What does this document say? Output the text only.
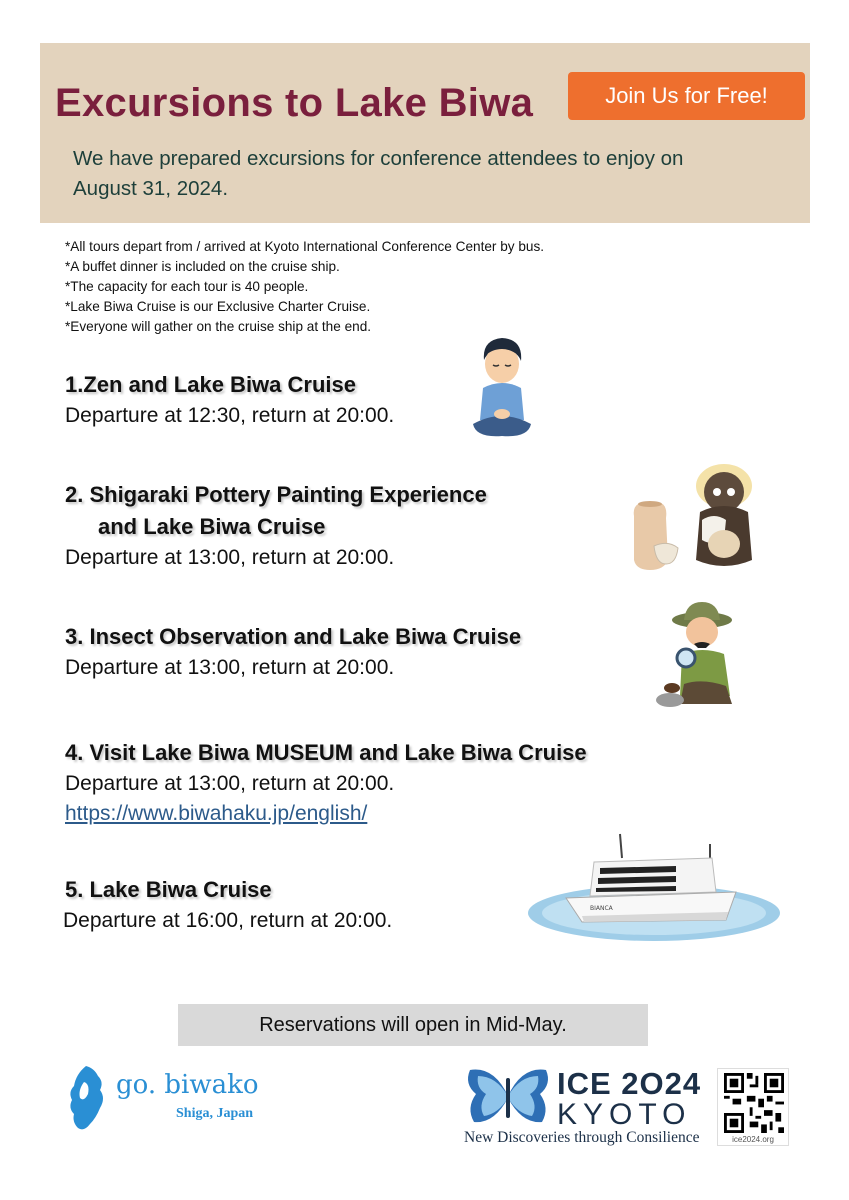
Excursions to Lake Biwa	Join Us for Free!
We have prepared excursions for conference attendees to enjoy on
August 31, 2024.
*All tours depart from / arrived at Kyoto International Conference Center by bus.
*A buffet dinner is included on the cruise ship.
*The capacity for each tour is 40 people.
*Lake Biwa Cruise is our Exclusive Charter Cruise.
*Everyone will gather on the cruise ship at the end.
1.Zen and Lake Biwa Cruise
Departure at 12:30, return at 20:00.
2. Shigaraki Pottery Painting Experience
and Lake Biwa Cruise
Departure at 13:00, return at 20:00.
3. Insect Observation and Lake Biwa Cruise
Departure at 13:00, return at 20:00.
4. Visit Lake Biwa MUSEUM and Lake Biwa Cruise
Departure at 13:00, return at 20:00.
https://www.biwahaku.jp/english/
5. Lake Biwa Cruise
Departure at 16:00, return at 20:00.
BIANCA
Reservations will open in Mid-May.
go. biwako
Shiga, Japan
ICE 2O24
KYOTO
New Discoveries through Consilience	ice2024.org
